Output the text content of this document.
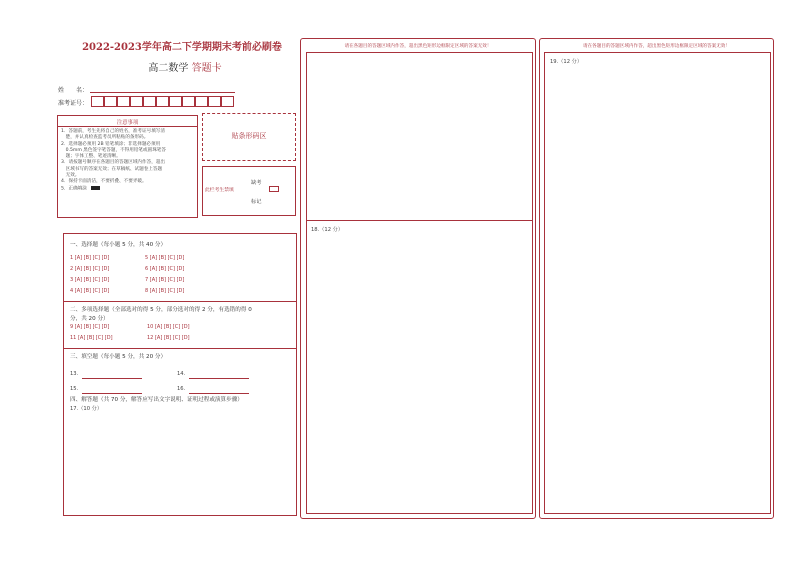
2022-2023学年高二下学期期末考前必刷卷
高二数学 答题卡
姓　　名：
准考证号：
注意事项
1．答题前，考生先将自己的姓名，准考证号填写清
　楚，并认真检查监考员所粘贴的条形码。
2．选择题必须用 2B 铅笔填涂；非选择题必须用
　0.5mm 黑色签字笔答题，不得用铅笔或圆珠笔答
　题；字体工整、笔迹清晰。
3．请按题号顺序在各题目的答题区域内作答，超出
　区域书写的答案无效；在草稿纸、试题卷上答题
　无效。
4．保持卡面清洁，不要折叠、不要弄破。
5．正确填涂
贴条形码区
此栏考生禁填
缺考
标记
一、选择题（每小题 5 分，共 40 分）
1 [A] [B] [C] [D]	5 [A] [B] [C] [D]
2 [A] [B] [C] [D]	6 [A] [B] [C] [D]
3 [A] [B] [C] [D]	7 [A] [B] [C] [D]
4 [A] [B] [C] [D]	8 [A] [B] [C] [D]
二、多项选择题（全部选对的得 5 分，部分选对的得 2 分，有选错的得 0
分，共 20 分）
9 [A] [B] [C] [D]	10 [A] [B] [C] [D]
11 [A] [B] [C] [D]	12 [A] [B] [C] [D]
三、填空题（每小题 5 分，共 20 分）
13.	14.
15.	16.
四、解答题（共 70 分，解答应写出文字说明、证明过程或演算步骤）
17.（10 分）
请在各题目的答题区域内作答，超出黑色矩形边框限定区域的答案无效！
18.（12 分）
请在各题目的答题区域内作答，超出黑色矩形边框限定区域的答案无效！
19.（12 分）
